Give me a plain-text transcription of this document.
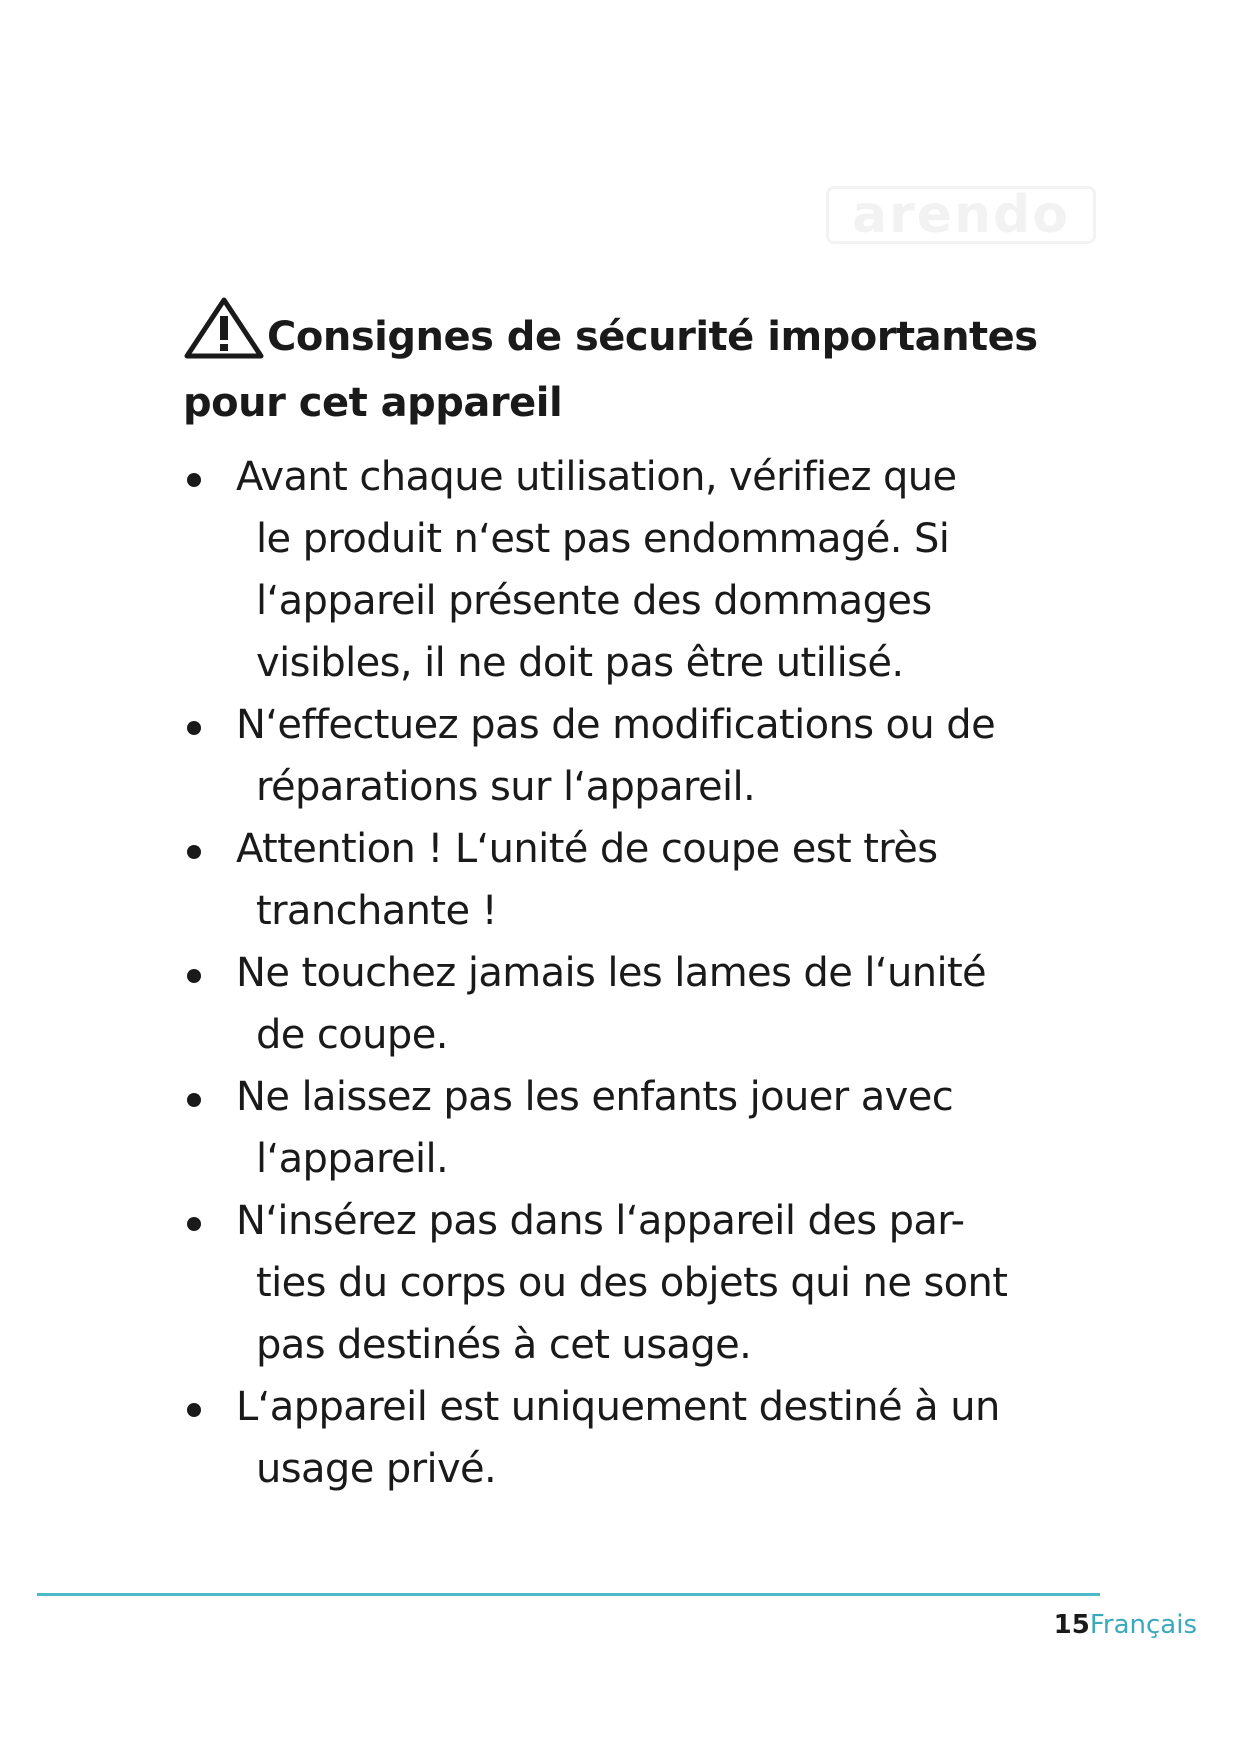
arendo
Consignes de sécurité importantes
pour cet appareil
Avant chaque utilisation, vérifiez que
le produit n‘est pas endommagé. Si
l‘appareil présente des dommages
visibles, il ne doit pas être utilisé.
N‘effectuez pas de modifications ou de
réparations sur l‘appareil.
Attention ! L‘unité de coupe est très
tranchante !
Ne touchez jamais les lames de l‘unité
de coupe.
Ne laissez pas les enfants jouer avec
l‘appareil.
N‘insérez pas dans l‘appareil des par-
ties du corps ou des objets qui ne sont
pas destinés à cet usage.
L‘appareil est uniquement destiné à un
usage privé.
15Français
